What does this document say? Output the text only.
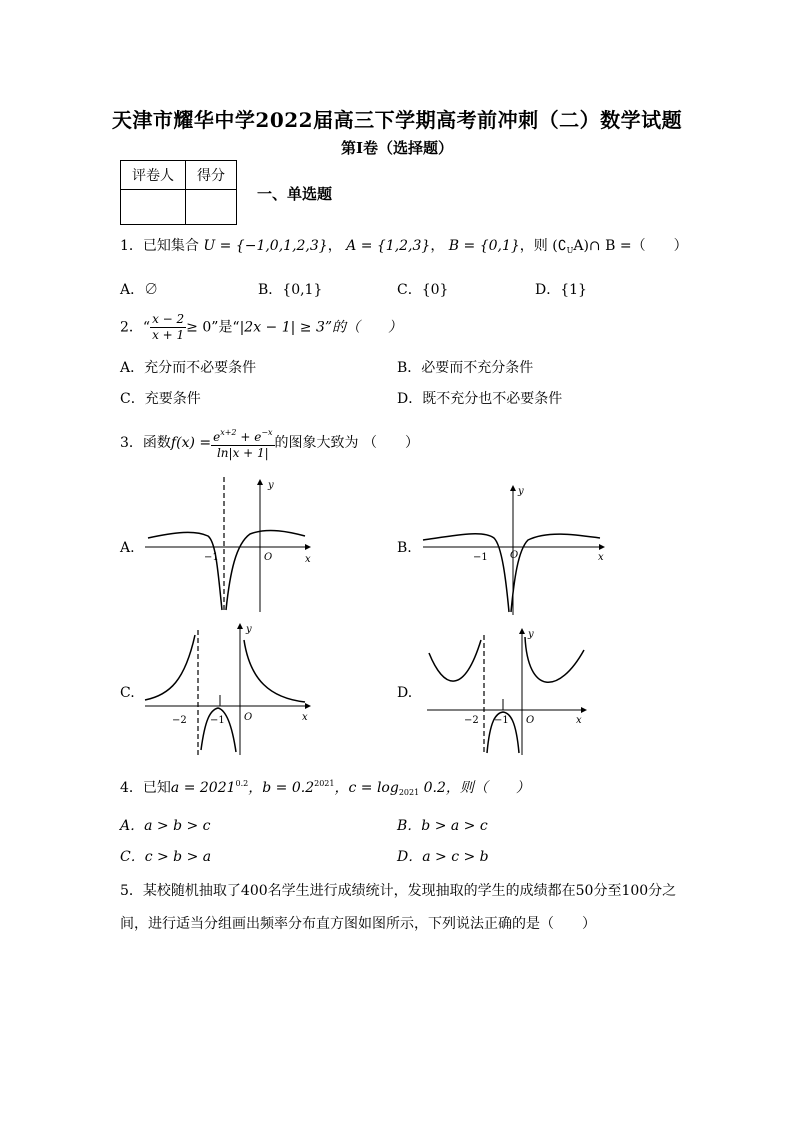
天津市耀华中学2022届高三下学期高考前冲刺（二）数学试题
第I卷（选择题）
评卷人	得分

一、单选题
1．已知集合 U = {−1,0,1,2,3}， A = {1,2,3}， B = {0,1}，则 $(∁_UA)\cap$ B =（　　）
A．∅	B．{0,1}	C．{0}	D．{1}
2．“ $\frac{x - 2}{x + 1} \ge 0$”是“|2x − 1| ≥ 3”的（　　）
A．充分而不必要条件	B．必要而不充分条件
C．充要条件	D．既不充分也不必要条件
3．函数$f(x) = \frac{e^{x+2} + e^{-x}}{\ln|x + 1|}$ 的图象大致为 （　　）
A.	B.
C.	D.
y
x
O
−1
y
x
O
−1
y
x
O
−1
−2
y
x
O
−1
−2
4．已知$a = 2021^{0.2}$，$b = 0.2^{2021}$，$c = \log_{2021} 0.2$，则（　　）
A．a > b > c	B．b > a > c
C．c > b > a	D．a > c > b
5．某校随机抽取了400名学生进行成绩统计，发现抽取的学生的成绩都在50分至100分之
间，进行适当分组画出频率分布直方图如图所示，下列说法正确的是（　　）
